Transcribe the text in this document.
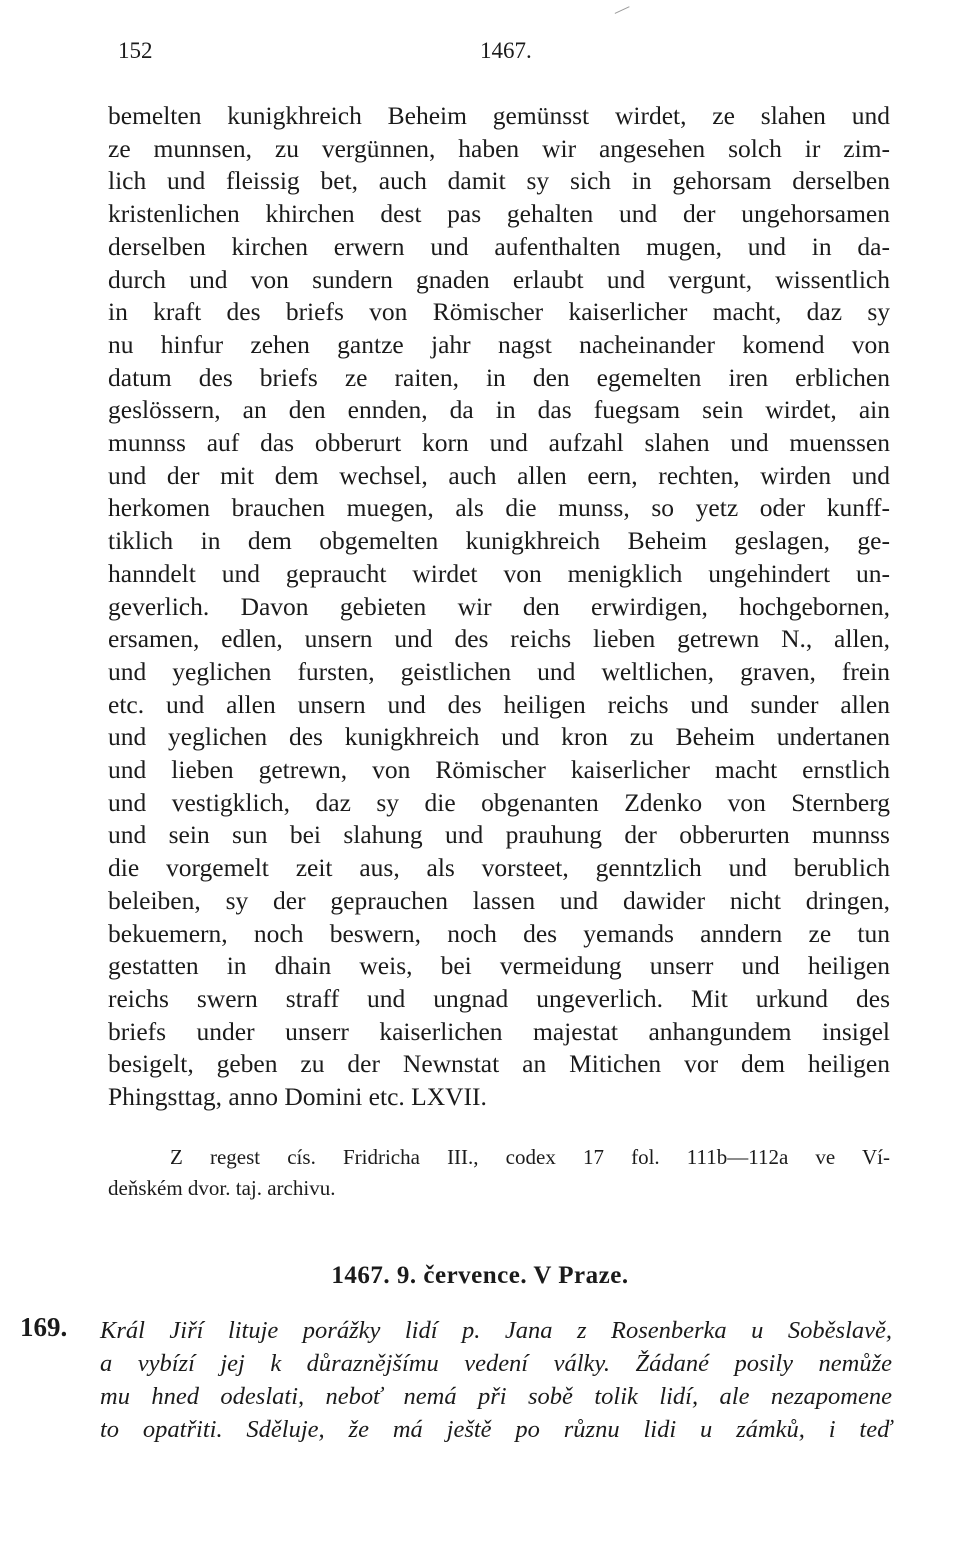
152	1467.
bemelten kunigkhreich Beheim gemünsst wirdet, ze slahen und
ze munnsen, zu vergünnen, haben wir angesehen solch ir zim-
lich und fleissig bet, auch damit sy sich in gehorsam derselben
kristenlichen khirchen dest pas gehalten und der ungehorsamen
derselben kirchen erwern und aufenthalten mugen, und in da-
durch und von sundern gnaden erlaubt und vergunt, wissentlich
in kraft des briefs von Römischer kaiserlicher macht, daz sy
nu hinfur zehen gantze jahr nagst nacheinander komend von
datum des briefs ze raiten, in den egemelten iren erblichen
geslössern, an den ennden, da in das fuegsam sein wirdet, ain
munnss auf das obberurt korn und aufzahl slahen und muenssen
und der mit dem wechsel, auch allen eern, rechten, wirden und
herkomen brauchen muegen, als die munss, so yetz oder kunff-
tiklich in dem obgemelten kunigkhreich Beheim geslagen, ge-
hanndelt und gepraucht wirdet von menigklich ungehindert un-
geverlich. Davon gebieten wir den erwirdigen, hochgebornen,
ersamen, edlen, unsern und des reichs lieben getrewn N., allen,
und yeglichen fursten, geistlichen und weltlichen, graven, frein
etc. und allen unsern und des heiligen reichs und sunder allen
und yeglichen des kunigkhreich und kron zu Beheim undertanen
und lieben getrewn, von Römischer kaiserlicher macht ernstlich
und vestigklich, daz sy die obgenanten Zdenko von Sternberg
und sein sun bei slahung und prauhung der obberurten munnss
die vorgemelt zeit aus, als vorsteet, genntzlich und berublich
beleiben, sy der geprauchen lassen und dawider nicht dringen,
bekuemern, noch beswern, noch des yemands anndern ze tun
gestatten in dhain weis, bei vermeidung unserr und heiligen
reichs swern straff und ungnad ungeverlich. Mit urkund des
briefs under unserr kaiserlichen majestat anhangundem insigel
besigelt, geben zu der Newnstat an Mitichen vor dem heiligen
Phingsttag, anno Domini etc. LXVII.
Z regest cís. Fridricha III., codex 17 fol. 111b—112a ve Ví-
deňském dvor. taj. archivu.
1467. 9. července. V Praze.
169. Král Jiří lituje porážky lidí p. Jana z Rosenberka u Soběslavě,
a vybízí jej k důraznějšímu vedení války. Žádané posily nemůže
mu hned odeslati, neboť nemá při sobě tolik lidí, ale nezapomene
to opatřiti. Sděluje, že má ještě po různu lidi u zámků, i teď
